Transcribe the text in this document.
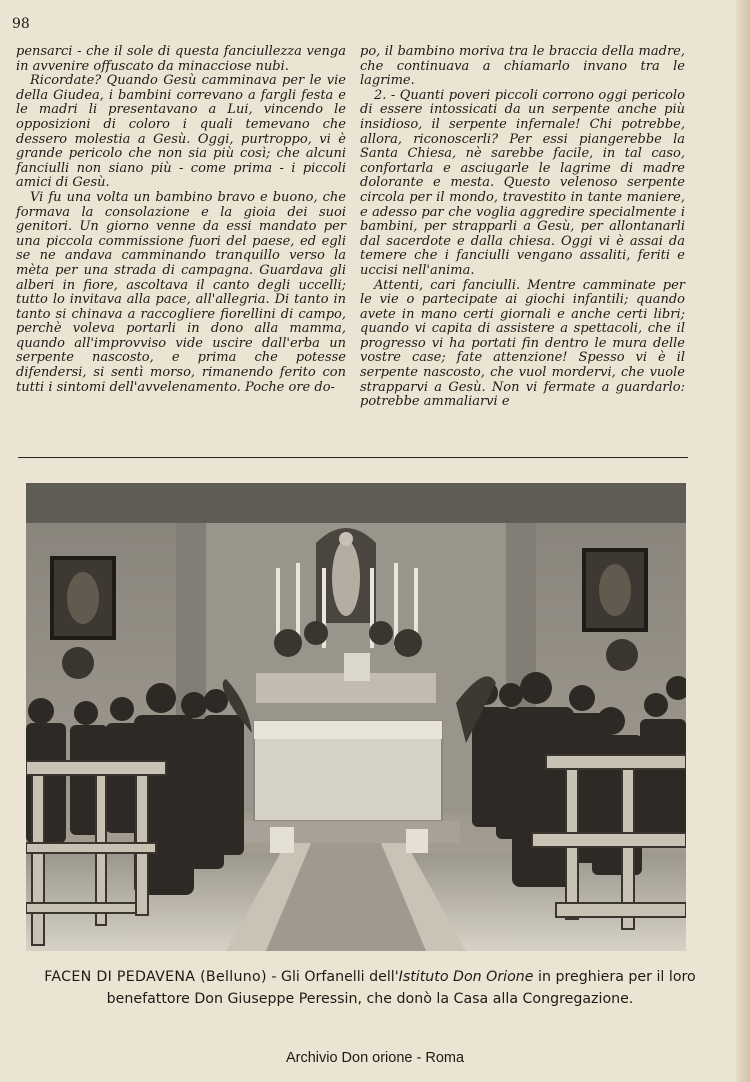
98

pensarci - che il sole di questa fanciullezza venga in avvenire offuscato da minacciose nubi.

Ricordate? Quando Gesù camminava per le vie della Giudea, i bambini correvano a fargli festa e le madri li presentavano a Lui, vincendo le opposizioni di coloro i quali temevano che dessero molestia a Gesù. Oggi, purtroppo, vi è grande pericolo che non sia più così; che alcuni fanciulli non siano più - come prima - i piccoli amici di Gesù.

Vi fu una volta un bambino bravo e buono, che formava la consolazione e la gioia dei suoi genitori. Un giorno venne da essi mandato per una piccola commissione fuori del paese, ed egli se ne andava camminando tranquillo verso la mèta per una strada di campagna. Guardava gli alberi in fiore, ascoltava il canto degli uccelli; tutto lo invitava alla pace, all'allegria. Di tanto in tanto si chinava a raccogliere fiorellini di campo, perchè voleva portarli in dono alla mamma, quando all'improvviso vide uscire dall'erba un serpente nascosto, e prima che potesse difendersi, si sentì morso, rimanendo ferito con tutti i sintomi dell'avvelenamento. Poche ore do-

po, il bambino moriva tra le braccia della madre, che continuava a chiamarlo invano tra le lagrime.

2. - Quanti poveri piccoli corrono oggi pericolo di essere intossicati da un serpente anche più insidioso, il serpente infernale! Chi potrebbe, allora, riconoscerli? Per essi piangerebbe la Santa Chiesa, nè sarebbe facile, in tal caso, confortarla e asciugarle le lagrime di madre dolorante e mesta. Questo velenoso serpente circola per il mondo, travestito in tante maniere, e adesso par che voglia aggredire specialmente i bambini, per strapparli a Gesù, per allontanarli dal sacerdote e dalla chiesa. Oggi vi è assai da temere che i fanciulli vengano assaliti, feriti e uccisi nell'anima.

Attenti, cari fanciulli. Mentre camminate per le vie o partecipate ai giochi infantili; quando avete in mano certi giornali e anche certi libri; quando vi capita di assistere a spettacoli, che il progresso vi ha portati fin dentro le mura delle vostre case; fate attenzione! Spesso vi è il serpente nascosto, che vuol mordervi, che vuole strapparvi a Gesù. Non vi fermate a guardarlo: potrebbe ammaliarvi e

FACEN DI PEDAVENA (Belluno) - Gli Orfanelli dell'Istituto Don Orione in preghiera per il loro
benefattore Don Giuseppe Peressin, che donò la Casa alla Congregazione.
Archivio Don orione - Roma
